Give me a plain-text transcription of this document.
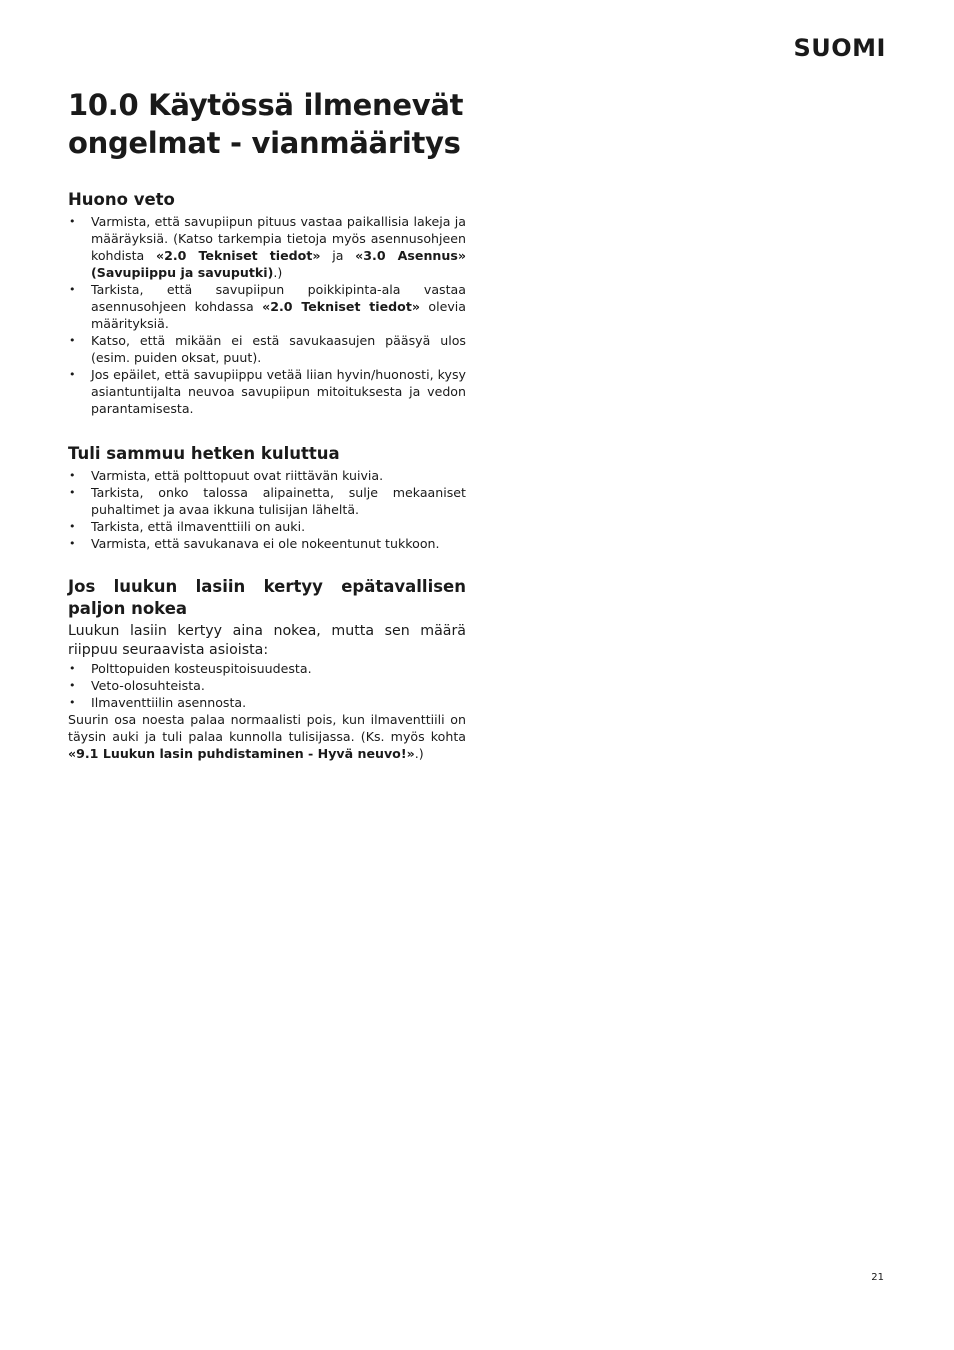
SUOMI
10.0 Käytössä ilmenevät ongelmat - vianmääritys
Huono veto
• Varmista, että savupiipun pituus vastaa paikallisia lakeja ja määräyksiä. (Katso tarkempia tietoja myös asennusohjeen kohdista «2.0 Tekniset tiedot» ja «3.0 Asennus» (Savupiippu ja savuputki).)
• Tarkista, että savupiipun poikkipinta-ala vastaa asennusohjeen kohdassa «2.0 Tekniset tiedot» olevia määrityksiä.
• Katso, että mikään ei estä savukaasujen pääsyä ulos (esim. puiden oksat, puut).
• Jos epäilet, että savupiippu vetää liian hyvin/huonosti, kysy asiantuntijalta neuvoa savupiipun mitoituksesta ja vedon parantamisesta.
Tuli sammuu hetken kuluttua
• Varmista, että polttopuut ovat riittävän kuivia.
• Tarkista, onko talossa alipainetta, sulje mekaaniset puhaltimet ja avaa ikkuna tulisijan läheltä.
• Tarkista, että ilmaventtiili on auki.
• Varmista, että savukanava ei ole nokeentunut tukkoon.
Jos luukun lasiin kertyy epätavallisen paljon nokea

Luukun lasiin kertyy aina nokea, mutta sen määrä riippuu seuraavista asioista:

• Polttopuiden kosteuspitoisuudesta.
• Veto-olosuhteista.
• Ilmaventtiilin asennosta.

Suurin osa noesta palaa normaalisti pois, kun ilmaventtiili on täysin auki ja tuli palaa kunnolla tulisijassa. (Ks. myös kohta «9.1 Luukun lasin puhdistaminen - Hyvä neuvo!».)

21
